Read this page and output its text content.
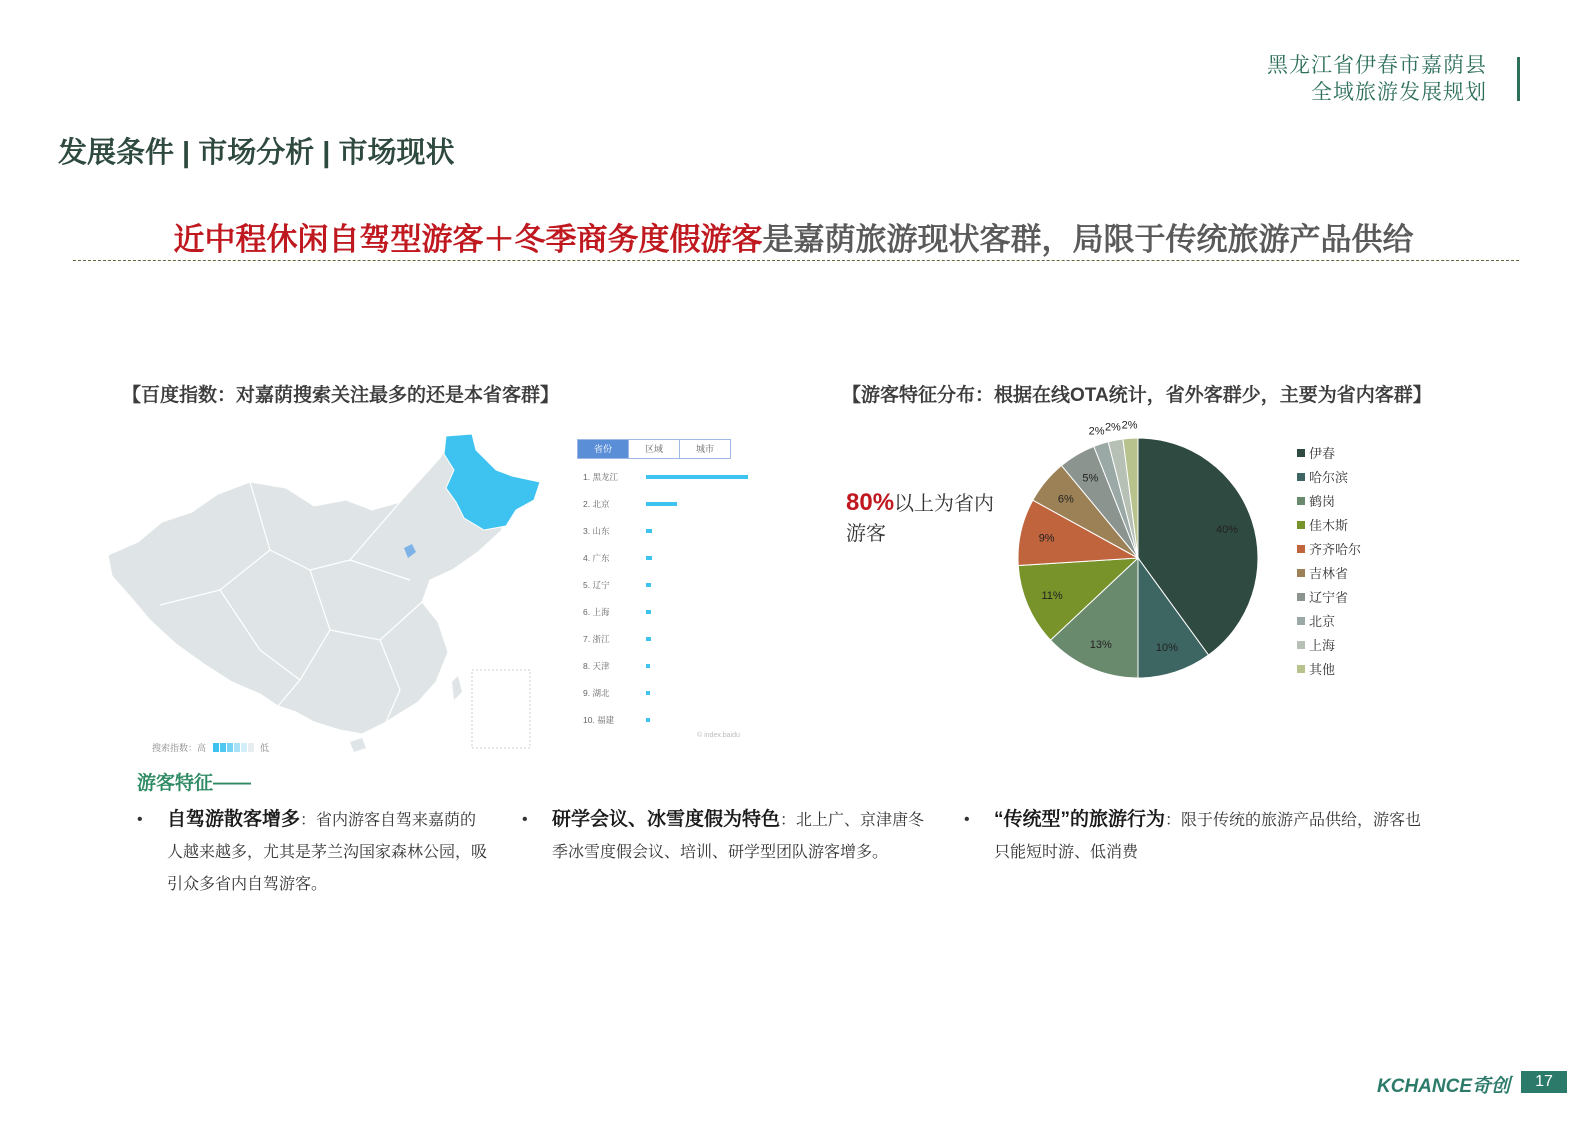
黑龙江省伊春市嘉荫县
全域旅游发展规划
发展条件 | 市场分析 | 市场现状
近中程休闲自驾型游客＋冬季商务度假游客是嘉荫旅游现状客群，局限于传统旅游产品供给
【百度指数：对嘉荫搜索关注最多的还是本省客群】
搜索指数：高	低
省份	区域	城市
1. 黑龙江
2. 北京
3. 山东
4. 广东
5. 辽宁
6. 上海
7. 浙江
8. 天津
9. 湖北
10. 福建
© index.baidu
【游客特征分布：根据在线OTA统计，省外客群少，主要为省内客群】
80%以上为省内游客	40%
10%
13%
11%
9%
6%
5%
2% 2% 2%
伊春
哈尔滨
鹤岗
佳木斯
齐齐哈尔
吉林省
辽宁省
北京
上海
其他
游客特征——
• 自驾游散客增多：省内游客自驾来嘉荫的人越来越多，尤其是茅兰沟国家森林公园，吸引众多省内自驾游客。
• 研学会议、冰雪度假为特色：北上广、京津唐冬季冰雪度假会议、培训、研学型团队游客增多。
• “传统型”的旅游行为：限于传统的旅游产品供给，游客也只能短时游、低消费
KCHANCE奇创	17
